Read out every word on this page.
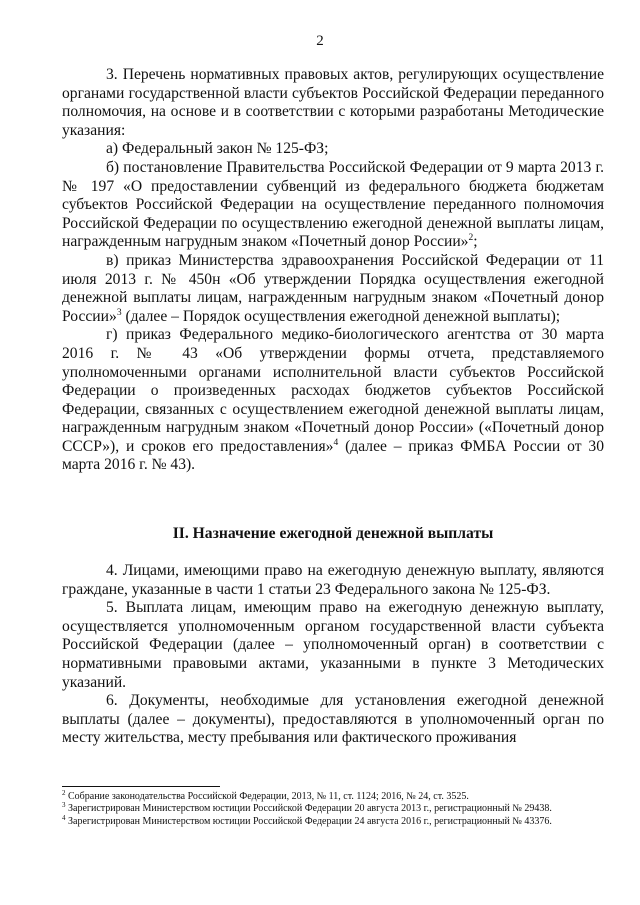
2

3. Перечень нормативных правовых актов, регулирующих осуществление органами государственной власти субъектов Российской Федерации переданного полномочия, на основе и в соответствии с которыми разработаны Методические указания:

а) Федеральный закон № 125-ФЗ;

б) постановление Правительства Российской Федерации от 9 марта 2013 г. № 197 «О предоставлении субвенций из федерального бюджета бюджетам субъектов Российской Федерации на осуществление переданного полномочия Российской Федерации по осуществлению ежегодной денежной выплаты лицам, награжденным нагрудным знаком «Почетный донор России»$^2$;

в) приказ Министерства здравоохранения Российской Федерации от 11 июля 2013 г. № 450н «Об утверждении Порядка осуществления ежегодной денежной выплаты лицам, награжденным нагрудным знаком «Почетный донор России»$^3$ (далее – Порядок осуществления ежегодной денежной выплаты);

г) приказ Федерального медико-биологического агентства от 30 марта 2016 г. № 43 «Об утверждении формы отчета, представляемого уполномоченными органами исполнительной власти субъектов Российской Федерации о произведенных расходах бюджетов субъектов Российской Федерации, связанных с осуществлением ежегодной денежной выплаты лицам, награжденным нагрудным знаком «Почетный донор России» («Почетный донор СССР»), и сроков его предоставления»$^4$ (далее – приказ ФМБА России от 30 марта 2016 г. № 43).

II. Назначение ежегодной денежной выплаты

4. Лицами, имеющими право на ежегодную денежную выплату, являются граждане, указанные в части 1 статьи 23 Федерального закона № 125-ФЗ.

5. Выплата лицам, имеющим право на ежегодную денежную выплату, осуществляется уполномоченным органом государственной власти субъекта Российской Федерации (далее – уполномоченный орган) в соответствии с нормативными правовыми актами, указанными в пункте 3 Методических указаний.

6. Документы, необходимые для установления ежегодной денежной выплаты (далее – документы), предоставляются в уполномоченный орган по месту жительства, месту пребывания или фактического проживания

$^2$ Собрание законодательства Российской Федерации, 2013, № 11, ст. 1124; 2016, № 24, ст. 3525.

$^3$ Зарегистрирован Министерством юстиции Российской Федерации 20 августа 2013 г., регистрационный № 29438.

$^4$ Зарегистрирован Министерством юстиции Российской Федерации 24 августа 2016 г., регистрационный № 43376.
